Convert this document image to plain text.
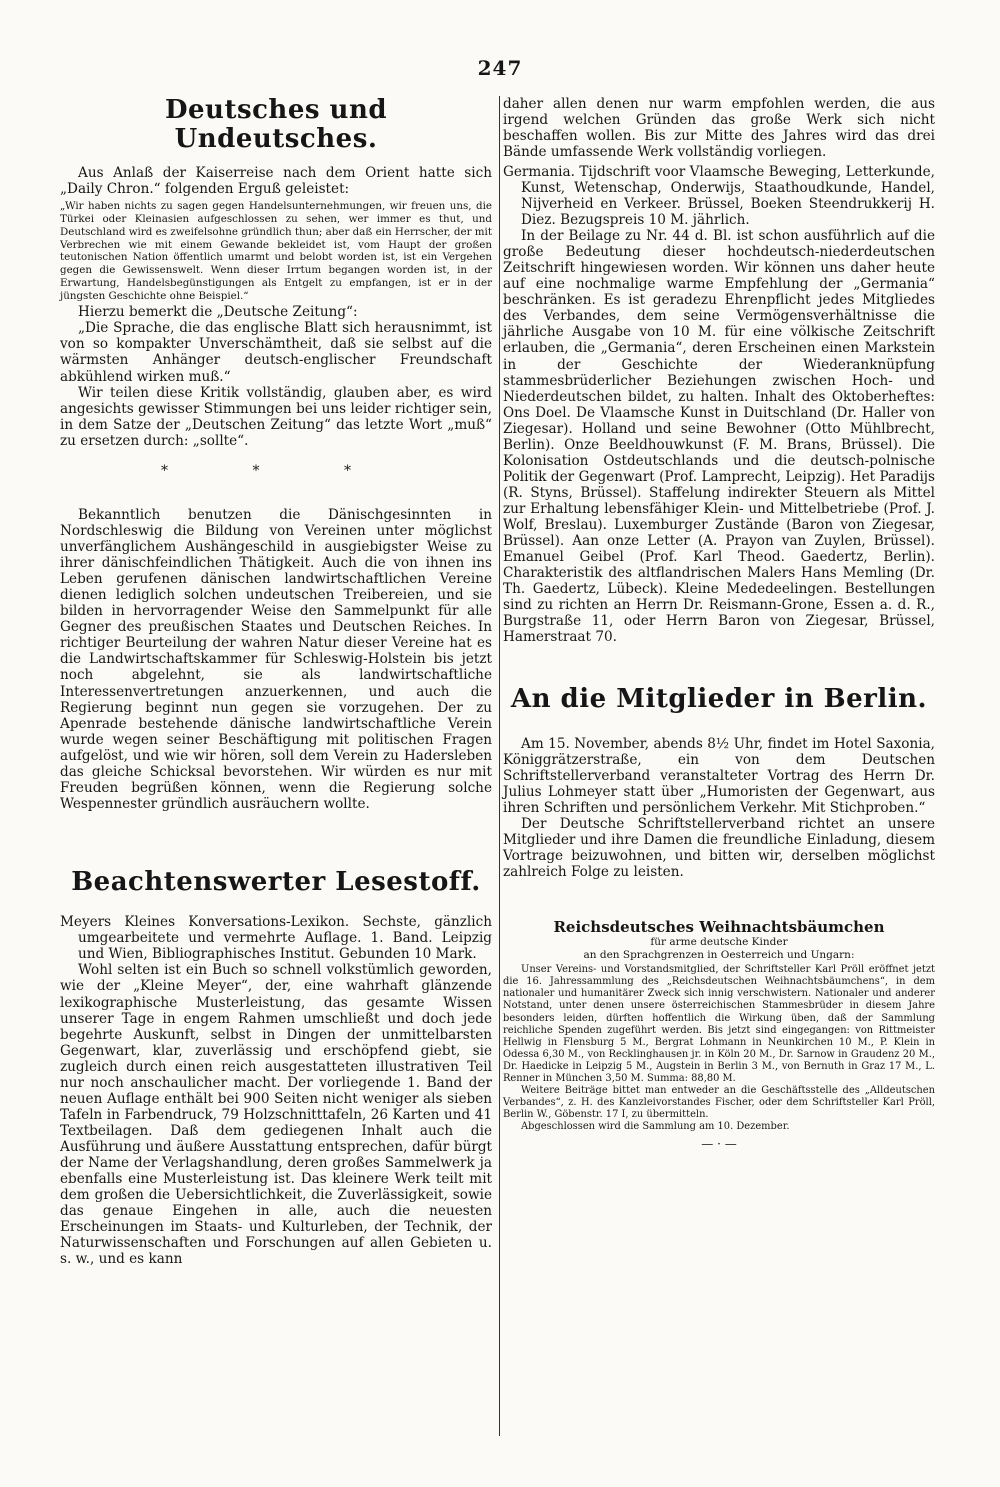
247
Deutsches und Undeutsches.

Aus Anlaß der Kaiserreise nach dem Orient hatte sich „Daily Chron.“ folgenden Erguß geleistet:

„Wir haben nichts zu sagen gegen Handelsunternehmungen, wir freuen uns, die Türkei oder Kleinasien aufgeschlossen zu sehen, wer immer es thut, und Deutschland wird es zweifelsohne gründlich thun; aber daß ein Herrscher, der mit Verbrechen wie mit einem Gewande bekleidet ist, vom Haupt der großen teutonischen Nation öffentlich umarmt und belobt worden ist, ist ein Vergehen gegen die Gewissenswelt. Wenn dieser Irrtum begangen worden ist, in der Erwartung, Handelsbegünstigungen als Entgelt zu empfangen, ist er in der jüngsten Geschichte ohne Beispiel.“

Hierzu bemerkt die „Deutsche Zeitung“:

„Die Sprache, die das englische Blatt sich herausnimmt, ist von so kompakter Unverschämtheit, daß sie selbst auf die wärmsten Anhänger deutsch-englischer Freundschaft abkühlend wirken muß.“

Wir teilen diese Kritik vollständig, glauben aber, es wird angesichts gewisser Stimmungen bei uns leider richtiger sein, in dem Satze der „Deutschen Zeitung“ das letzte Wort „muß“ zu ersetzen durch: „sollte“.

* * *

Bekanntlich benutzen die Dänischgesinnten in Nordschleswig die Bildung von Vereinen unter möglichst unverfänglichem Aushängeschild in ausgiebigster Weise zu ihrer dänischfeindlichen Thätigkeit. Auch die von ihnen ins Leben gerufenen dänischen landwirtschaftlichen Vereine dienen lediglich solchen undeutschen Treibereien, und sie bilden in hervorragender Weise den Sammelpunkt für alle Gegner des preußischen Staates und Deutschen Reiches. In richtiger Beurteilung der wahren Natur dieser Vereine hat es die Landwirtschaftskammer für Schleswig-Holstein bis jetzt noch abgelehnt, sie als landwirtschaftliche Interessenvertretungen anzuerkennen, und auch die Regierung beginnt nun gegen sie vorzugehen. Der zu Apenrade bestehende dänische landwirtschaftliche Verein wurde wegen seiner Beschäftigung mit politischen Fragen aufgelöst, und wie wir hören, soll dem Verein zu Hadersleben das gleiche Schicksal bevorstehen. Wir würden es nur mit Freuden begrüßen können, wenn die Regierung solche Wespennester gründlich ausräuchern wollte.

Beachtenswerter Lesestoff.

Meyers Kleines Konversations-Lexikon. Sechste, gänzlich umgearbeitete und vermehrte Auflage. 1. Band. Leipzig und Wien, Bibliographisches Institut. Gebunden 10 Mark.

Wohl selten ist ein Buch so schnell volkstümlich geworden, wie der „Kleine Meyer“, der, eine wahrhaft glänzende lexikographische Musterleistung, das gesamte Wissen unserer Tage in engem Rahmen umschließt und doch jede begehrte Auskunft, selbst in Dingen der unmittelbarsten Gegenwart, klar, zuverlässig und erschöpfend giebt, sie zugleich durch einen reich ausgestatteten illustrativen Teil nur noch anschaulicher macht. Der vorliegende 1. Band der neuen Auflage enthält bei 900 Seiten nicht weniger als sieben Tafeln in Farbendruck, 79 Holzschnitttafeln, 26 Karten und 41 Textbeilagen. Daß dem gediegenen Inhalt auch die Ausführung und äußere Ausstattung entsprechen, dafür bürgt der Name der Verlagshandlung, deren großes Sammelwerk ja ebenfalls eine Musterleistung ist. Das kleinere Werk teilt mit dem großen die Uebersichtlichkeit, die Zuverlässigkeit, sowie das genaue Eingehen in alle, auch die neuesten Erscheinungen im Staats- und Kulturleben, der Technik, der Naturwissenschaften und Forschungen auf allen Gebieten u. s. w., und es kann

daher allen denen nur warm empfohlen werden, die aus irgend welchen Gründen das große Werk sich nicht beschaffen wollen. Bis zur Mitte des Jahres wird das drei Bände umfassende Werk vollständig vorliegen.

Germania. Tijdschrift voor Vlaamsche Beweging, Letterkunde, Kunst, Wetenschap, Onderwijs, Staathoudkunde, Handel, Nijverheid en Verkeer. Brüssel, Boeken Steendrukkerij H. Diez. Bezugspreis 10 M. jährlich.

In der Beilage zu Nr. 44 d. Bl. ist schon ausführlich auf die große Bedeutung dieser hochdeutsch-niederdeutschen Zeitschrift hingewiesen worden. Wir können uns daher heute auf eine nochmalige warme Empfehlung der „Germania“ beschränken. Es ist geradezu Ehrenpflicht jedes Mitgliedes des Verbandes, dem seine Vermögensverhältnisse die jährliche Ausgabe von 10 M. für eine völkische Zeitschrift erlauben, die „Germania“, deren Erscheinen einen Markstein in der Geschichte der Wiederanknüpfung stammesbrüderlicher Beziehungen zwischen Hoch- und Niederdeutschen bildet, zu halten. Inhalt des Oktoberheftes: Ons Doel. De Vlaamsche Kunst in Duitschland (Dr. Haller von Ziegesar). Holland und seine Bewohner (Otto Mühlbrecht, Berlin). Onze Beeldhouwkunst (F. M. Brans, Brüssel). Die Kolonisation Ostdeutschlands und die deutsch-polnische Politik der Gegenwart (Prof. Lamprecht, Leipzig). Het Paradijs (R. Styns, Brüssel). Staffelung indirekter Steuern als Mittel zur Erhaltung lebensfähiger Klein- und Mittelbetriebe (Prof. J. Wolf, Breslau). Luxemburger Zustände (Baron von Ziegesar, Brüssel). Aan onze Letter (A. Prayon van Zuylen, Brüssel). Emanuel Geibel (Prof. Karl Theod. Gaedertz, Berlin). Charakteristik des altflandrischen Malers Hans Memling (Dr. Th. Gaedertz, Lübeck). Kleine Mededeelingen. Bestellungen sind zu richten an Herrn Dr. Reismann-Grone, Essen a. d. R., Burgstraße 11, oder Herrn Baron von Ziegesar, Brüssel, Hamerstraat 70.

An die Mitglieder in Berlin.

Am 15. November, abends 8½ Uhr, findet im Hotel Saxonia, Königgrätzerstraße, ein von dem Deutschen Schriftstellerverband veranstalteter Vortrag des Herrn Dr. Julius Lohmeyer statt über „Humoristen der Gegenwart, aus ihren Schriften und persönlichem Verkehr. Mit Stichproben.“

Der Deutsche Schriftstellerverband richtet an unsere Mitglieder und ihre Damen die freundliche Einladung, diesem Vortrage beizuwohnen, und bitten wir, derselben möglichst zahlreich Folge zu leisten.

Reichsdeutsches Weihnachtsbäumchen

für arme deutsche Kinder

an den Sprachgrenzen in Oesterreich und Ungarn:

Unser Vereins- und Vorstandsmitglied, der Schriftsteller Karl Pröll eröffnet jetzt die 16. Jahressammlung des „Reichsdeutschen Weihnachtsbäumchens“, in dem nationaler und humanitärer Zweck sich innig verschwistern. Nationaler und anderer Notstand, unter denen unsere österreichischen Stammesbrüder in diesem Jahre besonders leiden, dürften hoffentlich die Wirkung üben, daß der Sammlung reichliche Spenden zugeführt werden. Bis jetzt sind eingegangen: von Rittmeister Hellwig in Flensburg 5 M., Bergrat Lohmann in Neunkirchen 10 M., P. Klein in Odessa 6,30 M., von Recklinghausen jr. in Köln 20 M., Dr. Sarnow in Graudenz 20 M., Dr. Haedicke in Leipzig 5 M., Augstein in Berlin 3 M., von Bernuth in Graz 17 M., L. Renner in München 3,50 M. Summa: 88,80 M.

Weitere Beiträge bittet man entweder an die Geschäftsstelle des „Alldeutschen Verbandes“, z. H. des Kanzleivorstandes Fischer, oder dem Schriftsteller Karl Pröll, Berlin W., Göbenstr. 17 I, zu übermitteln.

Abgeschlossen wird die Sammlung am 10. Dezember.

— · —
